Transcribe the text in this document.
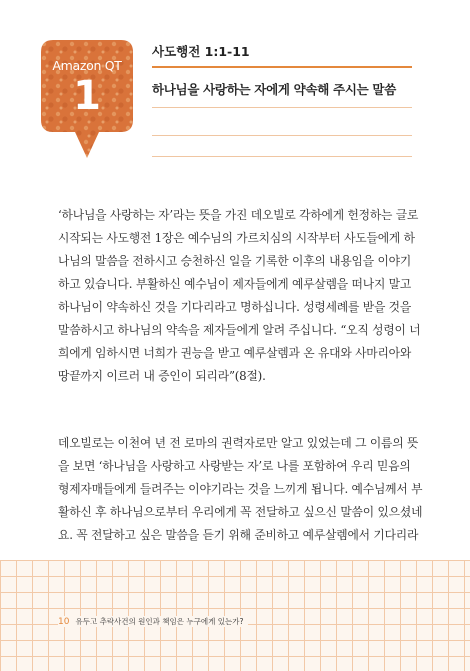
Amazon QT
1
사도행전 1:1-11
하나님을 사랑하는 자에게 약속해 주시는 말씀
‘하나님을 사랑하는 자’라는 뜻을 가진 데오빌로 각하에게 헌정하는 글로
시작되는 사도행전 1장은 예수님의 가르치심의 시작부터 사도들에게 하
나님의 말씀을 전하시고 승천하신 일을 기록한 이후의 내용임을 이야기
하고 있습니다. 부활하신 예수님이 제자들에게 예루살렘을 떠나지 말고
하나님이 약속하신 것을 기다리라고 명하십니다. 성령세례를 받을 것을
말씀하시고 하나님의 약속을 제자들에게 알려 주십니다. “오직 성령이 너
희에게 임하시면 너희가 권능을 받고 예루살렘과 온 유대와 사마리아와
땅끝까지 이르러 내 증인이 되리라”(8절).
데오빌로는 이천여 년 전 로마의 권력자로만 알고 있었는데 그 이름의 뜻
을 보면 ‘하나님을 사랑하고 사랑받는 자’로 나를 포함하여 우리 믿음의
형제자매들에게 들려주는 이야기라는 것을 느끼게 됩니다. 예수님께서 부
활하신 후 하나님으로부터 우리에게 꼭 전달하고 싶으신 말씀이 있으셨네
요. 꼭 전달하고 싶은 말씀을 듣기 위해 준비하고 예루살렘에서 기다리라
10 유두고 추락사건의 원인과 책임은 누구에게 있는가?
